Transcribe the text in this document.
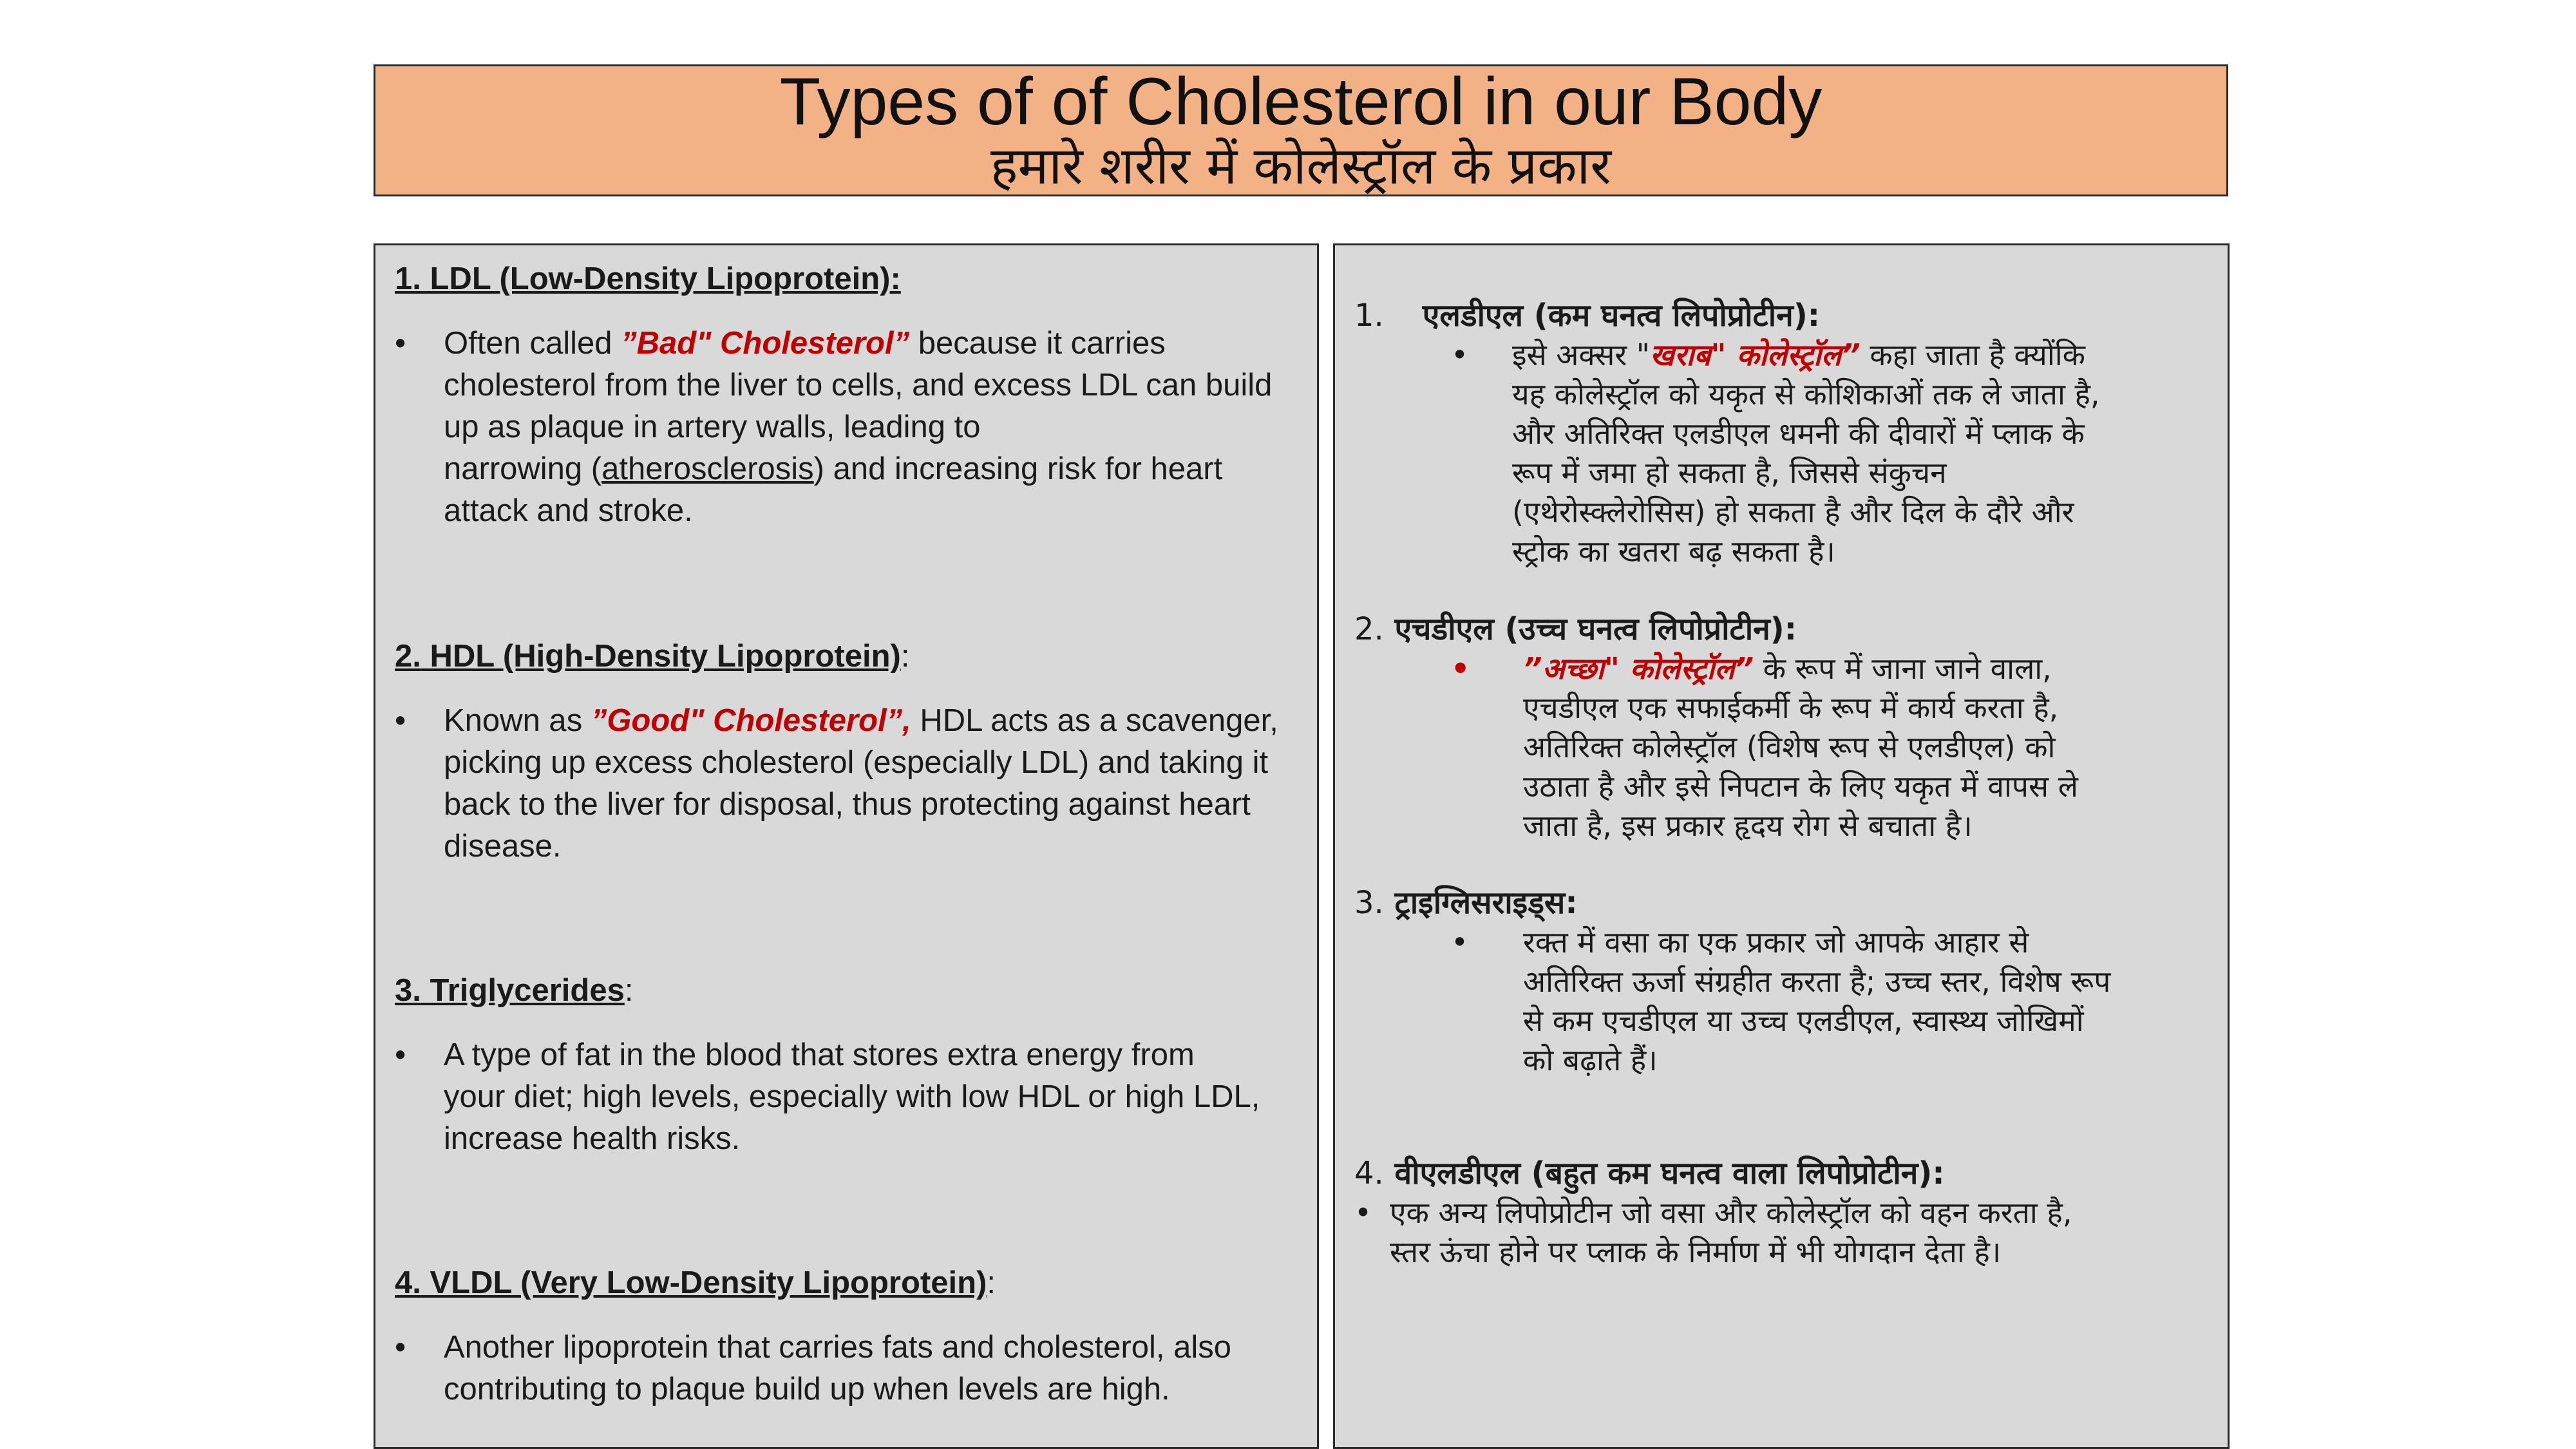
Types of of Cholesterol in our Body
हमारे शरीर में कोलेस्ट्रॉल के प्रकार
1. LDL (Low-Density Lipoprotein):
• Often called ”Bad" Cholesterol” because it carries
cholesterol from the liver to cells, and excess LDL can build
up as plaque in artery walls, leading to
narrowing (atherosclerosis) and increasing risk for heart
attack and stroke.
2. HDL (High-Density Lipoprotein):
• Known as ”Good" Cholesterol”, HDL acts as a scavenger,
picking up excess cholesterol (especially LDL) and taking it
back to the liver for disposal, thus protecting against heart
disease.
3. Triglycerides:
• A type of fat in the blood that stores extra energy from
your diet; high levels, especially with low HDL or high LDL,
increase health risks.
4. VLDL (Very Low-Density Lipoprotein):
• Another lipoprotein that carries fats and cholesterol, also
contributing to plaque build up when levels are high.
1. एलडीएल (कम घनत्व लिपोप्रोटीन):
• इसे अक्सर "खराब" कोलेस्ट्रॉल” कहा जाता है क्योंकि
यह कोलेस्ट्रॉल को यकृत से कोशिकाओं तक ले जाता है,
और अतिरिक्त एलडीएल धमनी की दीवारों में प्लाक के
रूप में जमा हो सकता है, जिससे संकुचन
(एथेरोस्क्लेरोसिस) हो सकता है और दिल के दौरे और
स्ट्रोक का खतरा बढ़ सकता है।
2. एचडीएल (उच्च घनत्व लिपोप्रोटीन):
• ”अच्छा" कोलेस्ट्रॉल” के रूप में जाना जाने वाला,
एचडीएल एक सफाईकर्मी के रूप में कार्य करता है,
अतिरिक्त कोलेस्ट्रॉल (विशेष रूप से एलडीएल) को
उठाता है और इसे निपटान के लिए यकृत में वापस ले
जाता है, इस प्रकार हृदय रोग से बचाता है।
3. ट्राइग्लिसराइड्स:
• रक्त में वसा का एक प्रकार जो आपके आहार से
अतिरिक्त ऊर्जा संग्रहीत करता है; उच्च स्तर, विशेष रूप
से कम एचडीएल या उच्च एलडीएल, स्वास्थ्य जोखिमों
को बढ़ाते हैं।
4. वीएलडीएल (बहुत कम घनत्व वाला लिपोप्रोटीन):
• एक अन्य लिपोप्रोटीन जो वसा और कोलेस्ट्रॉल को वहन करता है,
स्तर ऊंचा होने पर प्लाक के निर्माण में भी योगदान देता है।
